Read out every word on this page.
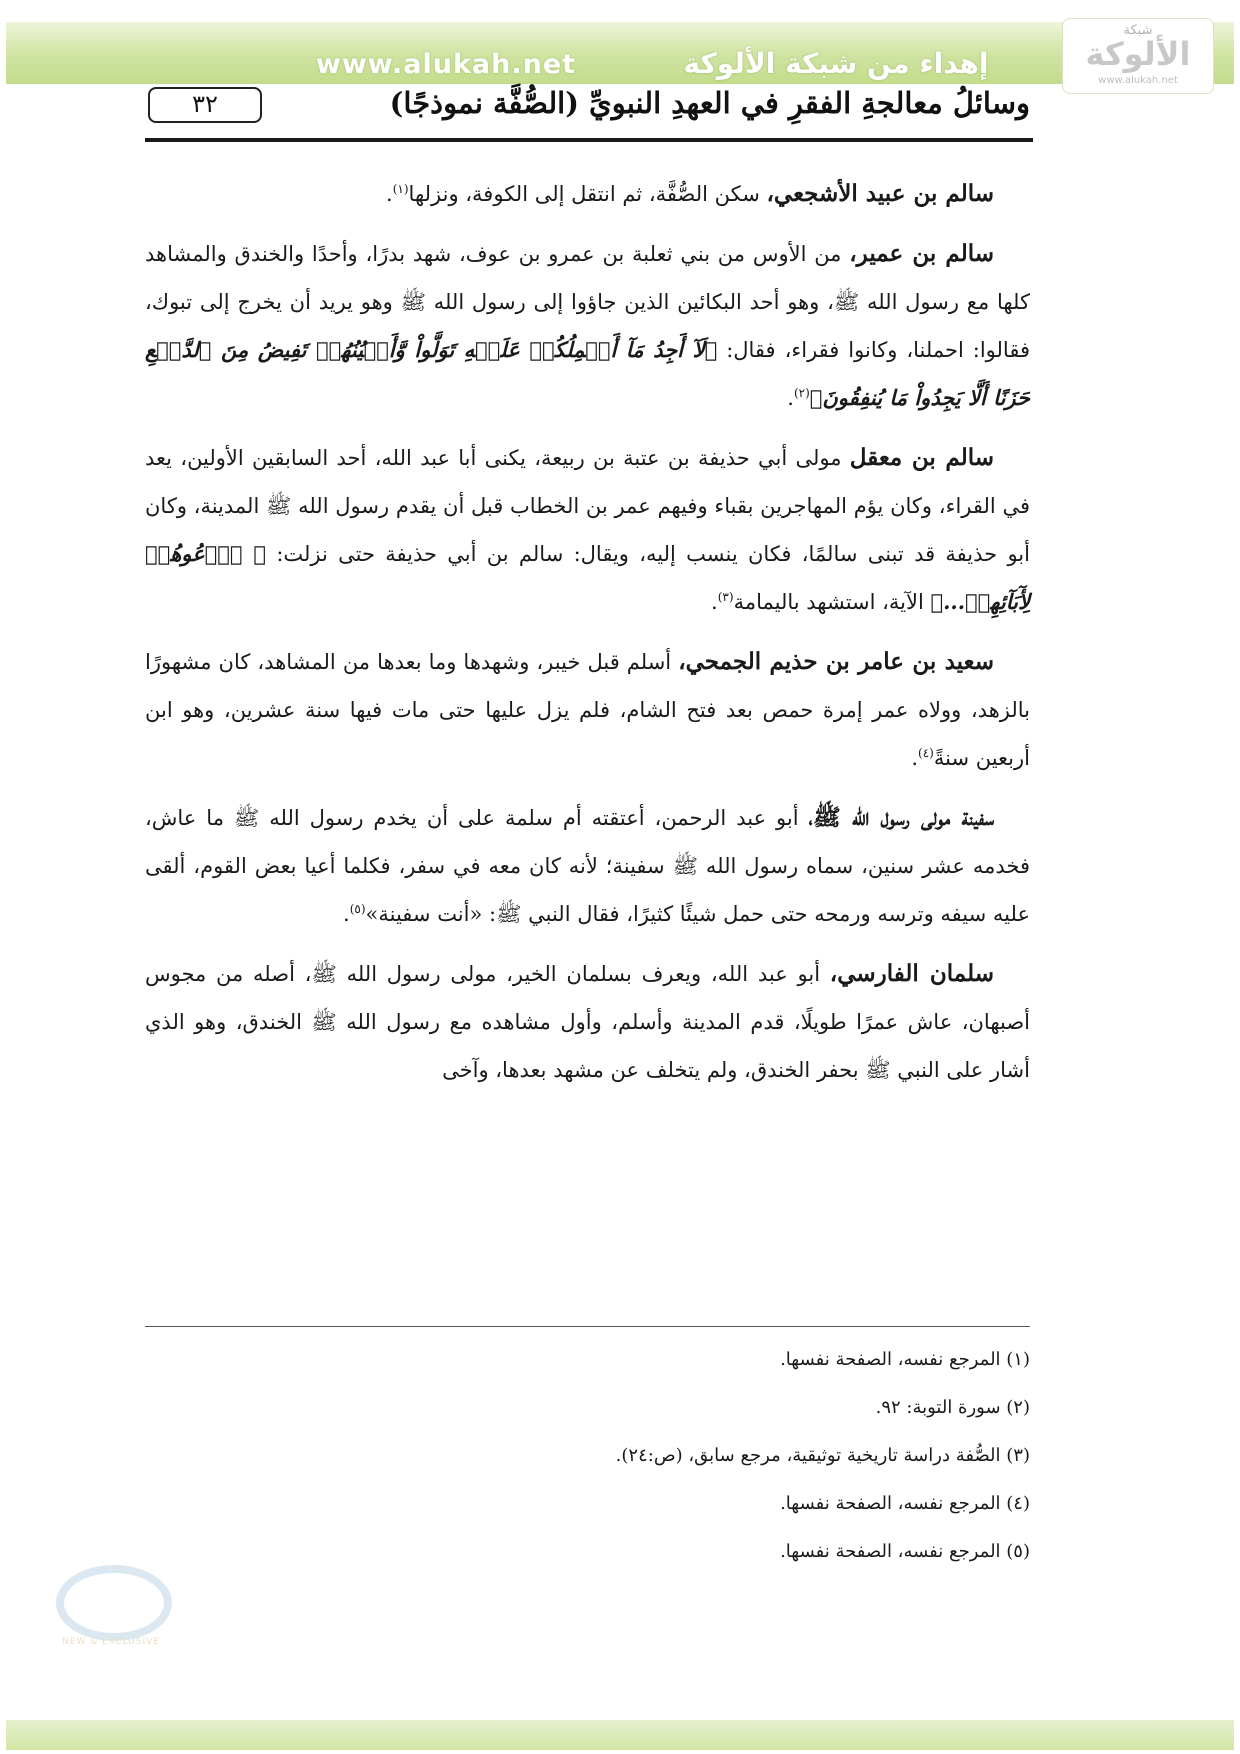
www.alukah.net	إهداء من شبكة الألوكة
شبكة
الألوكة
www.alukah.net
وسائلُ معالجةِ الفقرِ في العهدِ النبويِّ (الصُّفَّة نموذجًا)
٣٢

سالم بن عبيد الأشجعي، سكن الصُّفَّة، ثم انتقل إلى الكوفة، ونزلها$^{(١)}$.

سالم بن عمير، من الأوس من بني ثعلبة بن عمرو بن عوف، شهد بدرًا، وأحدًا والخندق والمشاهد كلها مع رسول الله ﷺ، وهو أحد البكائين الذين جاؤوا إلى رسول الله ﷺ وهو يريد أن يخرج إلى تبوك، فقالوا: احملنا، وكانوا فقراء، فقال: ﴿لَآ أَجِدُ مَآ أَحۡمِلُكُمۡ عَلَيۡهِ تَوَلَّواْ وَّأَعۡيُنُهُمۡ تَفِيضُ مِنَ ٱلدَّمۡعِ حَزَنًا أَلَّا يَجِدُواْ مَا يُنفِقُونَ﴾$^{(٢)}$.

سالم بن معقل مولى أبي حذيفة بن عتبة بن ربيعة، يكنى أبا عبد الله، أحد السابقين الأولين، يعد في القراء، وكان يؤم المهاجرين بقباء وفيهم عمر بن الخطاب قبل أن يقدم رسول الله ﷺ المدينة، وكان أبو حذيفة قد تبنى سالمًا، فكان ينسب إليه، ويقال: سالم بن أبي حذيفة حتى نزلت: ﴿ ٱدۡعُوهُمۡ لِأٓبَآئِهِمۡ...﴾ الآية، استشهد باليمامة$^{(٣)}$.

سعيد بن عامر بن حذيم الجمحي، أسلم قبل خيبر، وشهدها وما بعدها من المشاهد، كان مشهورًا بالزهد، وولاه عمر إمرة حمص بعد فتح الشام، فلم يزل عليها حتى مات فيها سنة عشرين، وهو ابن أربعين سنةً$^{(٤)}$.

سفينة مولى رسول الله ﷺ، أبو عبد الرحمن، أعتقته أم سلمة على أن يخدم رسول الله ﷺ ما عاش، فخدمه عشر سنين، سماه رسول الله ﷺ سفينة؛ لأنه كان معه في سفر، فكلما أعيا بعض القوم، ألقى عليه سيفه وترسه ورمحه حتى حمل شيئًا كثيرًا، فقال النبي ﷺ: «أنت سفينة»$^{(٥)}$.

سلمان الفارسي، أبو عبد الله، ويعرف بسلمان الخير، مولى رسول الله ﷺ، أصله من مجوس أصبهان، عاش عمرًا طويلًا، قدم المدينة وأسلم، وأول مشاهده مع رسول الله ﷺ الخندق، وهو الذي أشار على النبي ﷺ بحفر الخندق، ولم يتخلف عن مشهد بعدها، وآخى

(١) المرجع نفسه، الصفحة نفسها.
(٢) سورة التوبة: ٩٢.
(٣) الصُّفة دراسة تاريخية توثيقية، مرجع سابق، (ص:٢٤).
(٤) المرجع نفسه، الصفحة نفسها.
(٥) المرجع نفسه، الصفحة نفسها.
NEW & EXCLUSIVE
